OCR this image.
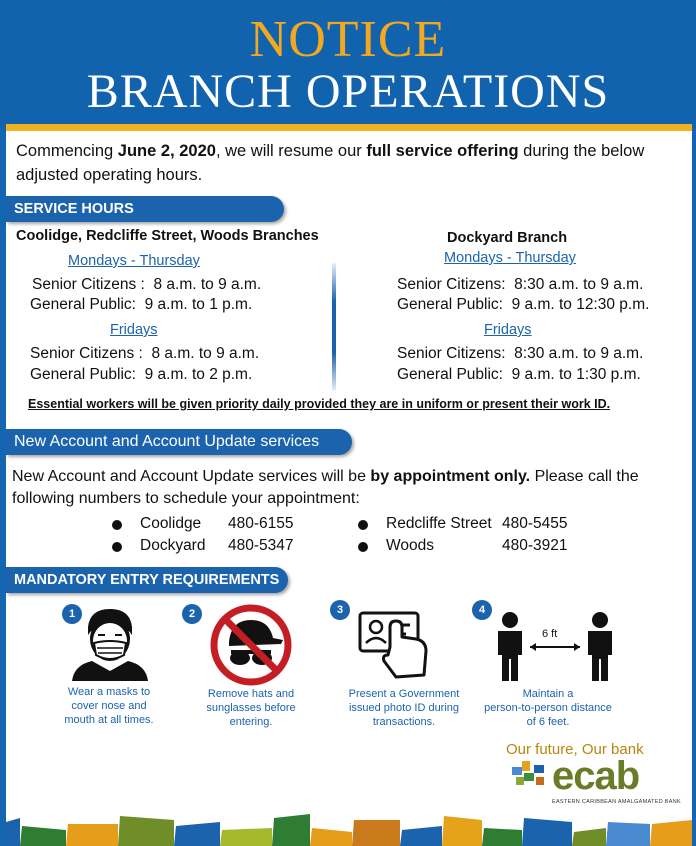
NOTICE
BRANCH OPERATIONS

Commencing June 2, 2020, we will resume our full service offering during the below adjusted operating hours.

SERVICE HOURS
Coolidge, Redcliffe Street, Woods Branches
Mondays - Thursday
Senior Citizens :  8 a.m. to 9 a.m.
General Public:  9 a.m. to 1 p.m.
Fridays
Senior Citizens :  8 a.m. to 9 a.m.
General Public:  9 a.m. to 2 p.m.
Dockyard Branch
Mondays - Thursday
Senior Citizens:  8:30 a.m. to 9 a.m.
General Public:  9 a.m. to 12:30 p.m.
Fridays
Senior Citizens:  8:30 a.m. to 9 a.m.
General Public:  9 a.m. to 1:30 p.m.
Essential workers will be given priority daily provided they are in uniform or present their work ID.
New Account and Account Update services

New Account and Account Update services will be by appointment only. Please call the following numbers to schedule your appointment:

Coolidge 480-6155
Dockyard 480-5347
Redcliffe Street 480-5455
Woods	480-3921
MANDATORY ENTRY REQUIREMENTS
1
Wear a masks to
cover nose and
mouth at all times.
2
Remove hats and
sunglasses before
entering.
3
Present a Government
issued photo ID during
transactions.
4
6 ft
Maintain a
person-to-person distance
of 6 feet.
Our future, Our bank
ecab
EASTERN CARIBBEAN AMALGAMATED BANK
